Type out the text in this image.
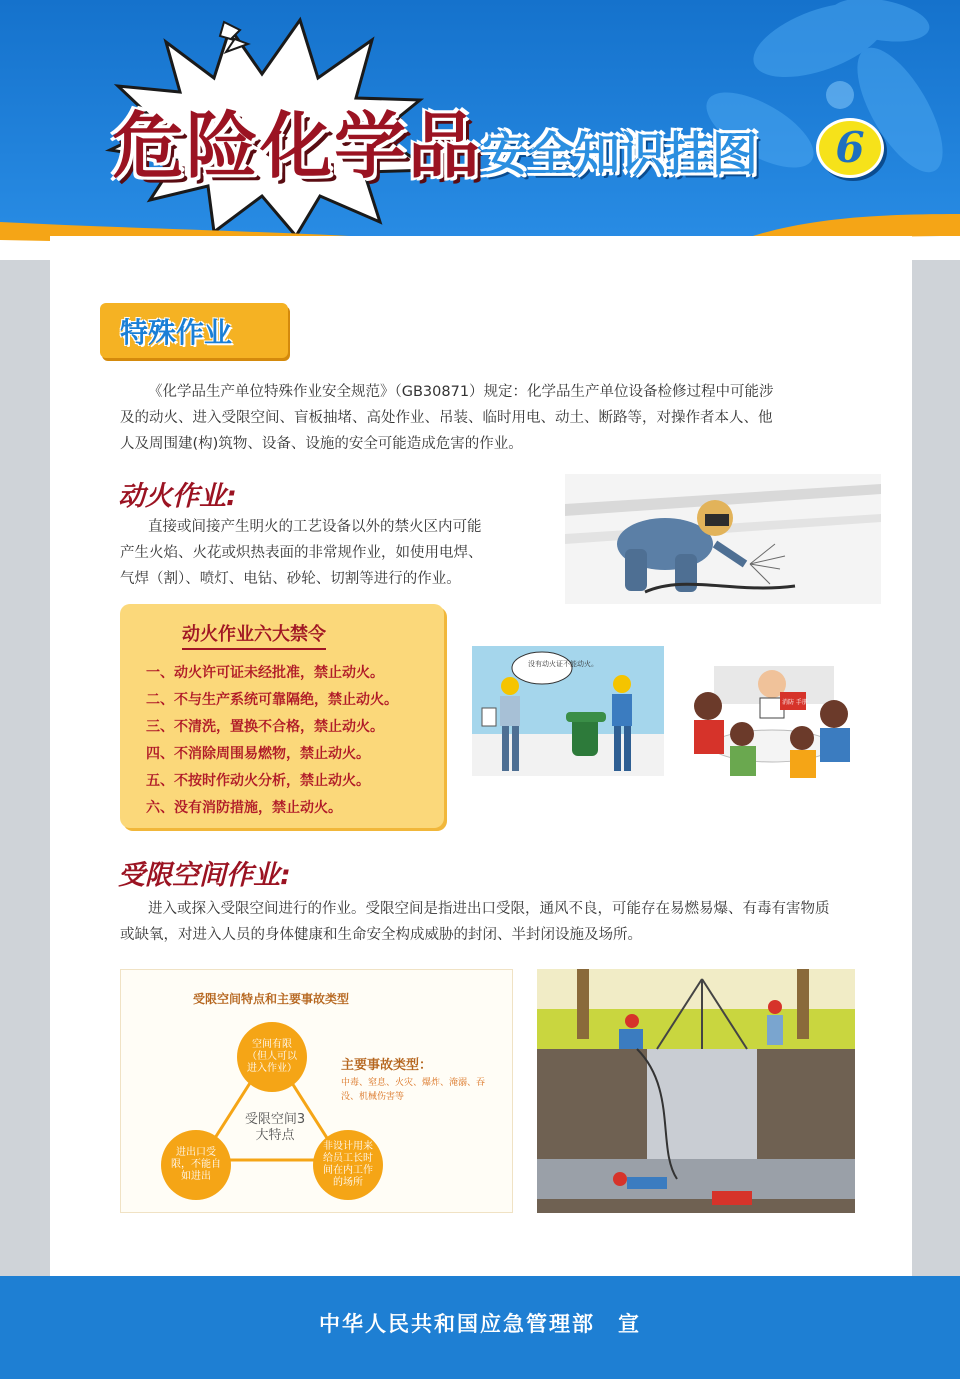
危险化学品 安全知识挂图	6
特殊作业
《化学品生产单位特殊作业安全规范》（GB30871）规定：化学品生产单位设备检修过程中可能涉
及的动火、进入受限空间、盲板抽堵、高处作业、吊装、临时用电、动土、断路等，对操作者本人、他
人及周围建(构)筑物、设备、设施的安全可能造成危害的作业。
动火作业:
直接或间接产生明火的工艺设备以外的禁火区内可能
产生火焰、火花或炽热表面的非常规作业，如使用电焊、
气焊（割）、喷灯、电钻、砂轮、切割等进行的作业。
动火作业六大禁令
一、动火许可证未经批准，禁止动火。
二、不与生产系统可靠隔绝，禁止动火。
三、不清洗，置换不合格，禁止动火。
四、不消除周围易燃物，禁止动火。
五、不按时作动火分析，禁止动火。
六、没有消防措施，禁止动火。
没有动火证不能动火。
消防 手册
受限空间作业:
进入或探入受限空间进行的作业。受限空间是指进出口受限，通风不良，可能存在易燃易爆、有毒有害物质
或缺氧，对进入人员的身体健康和生命安全构成威胁的封闭、半封闭设施及场所。
受限空间特点和主要事故类型
空间有限（但人可以进入作业）
进出口受限，不能自如进出
非设计用来给员工长时间在内工作的场所
受限空间3大特点
主要事故类型：
中毒、窒息、火灾、爆炸、淹溺、吞没、机械伤害等
中华人民共和国应急管理部　宣
